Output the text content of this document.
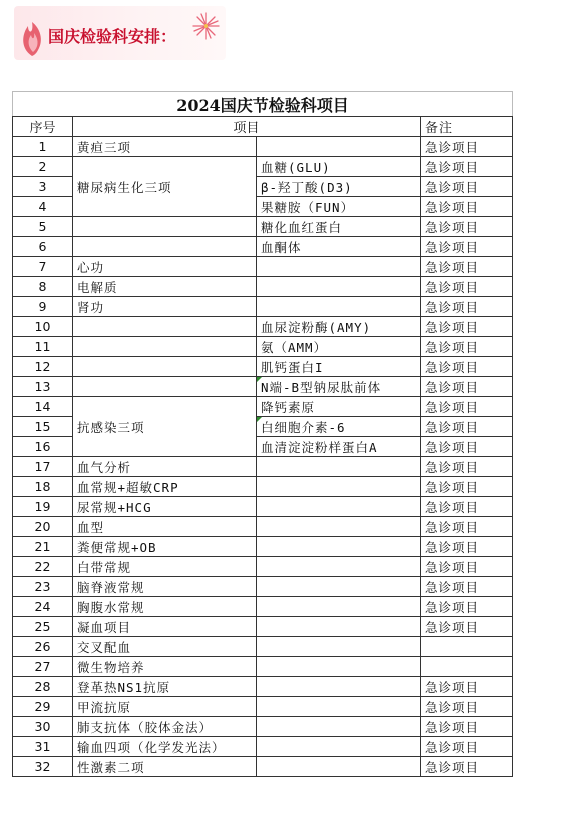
国庆检验科安排：
2024国庆节检验科项目			
序号	项目		备注
1	黄疸三项		急诊项目
2	糖尿病生化三项	血糖(GLU)	急诊项目
3		β-羟丁酸(D3)	急诊项目
4		果糖胺（FUN）	急诊项目
5		糖化血红蛋白	急诊项目
6		血酮体	急诊项目
7	心功		急诊项目
8	电解质		急诊项目
9	肾功		急诊项目
10		血尿淀粉酶(AMY)	急诊项目
11		氨（AMM）	急诊项目
12		肌钙蛋白I	急诊项目
13		N端-B型钠尿肽前体	急诊项目
14	抗感染三项	降钙素原	急诊项目
15		白细胞介素-6	急诊项目
16		血清淀淀粉样蛋白A	急诊项目
17	血气分析		急诊项目
18	血常规+超敏CRP		急诊项目
19	尿常规+HCG		急诊项目
20	血型		急诊项目
21	粪便常规+OB		急诊项目
22	白带常规		急诊项目
23	脑脊液常规		急诊项目
24	胸腹水常规		急诊项目
25	凝血项目		急诊项目
26	交叉配血		
27	微生物培养		
28	登革热NS1抗原		急诊项目
29	甲流抗原		急诊项目
30	肺支抗体（胶体金法）		急诊项目
31	输血四项（化学发光法）		急诊项目
32	性激素二项		急诊项目
